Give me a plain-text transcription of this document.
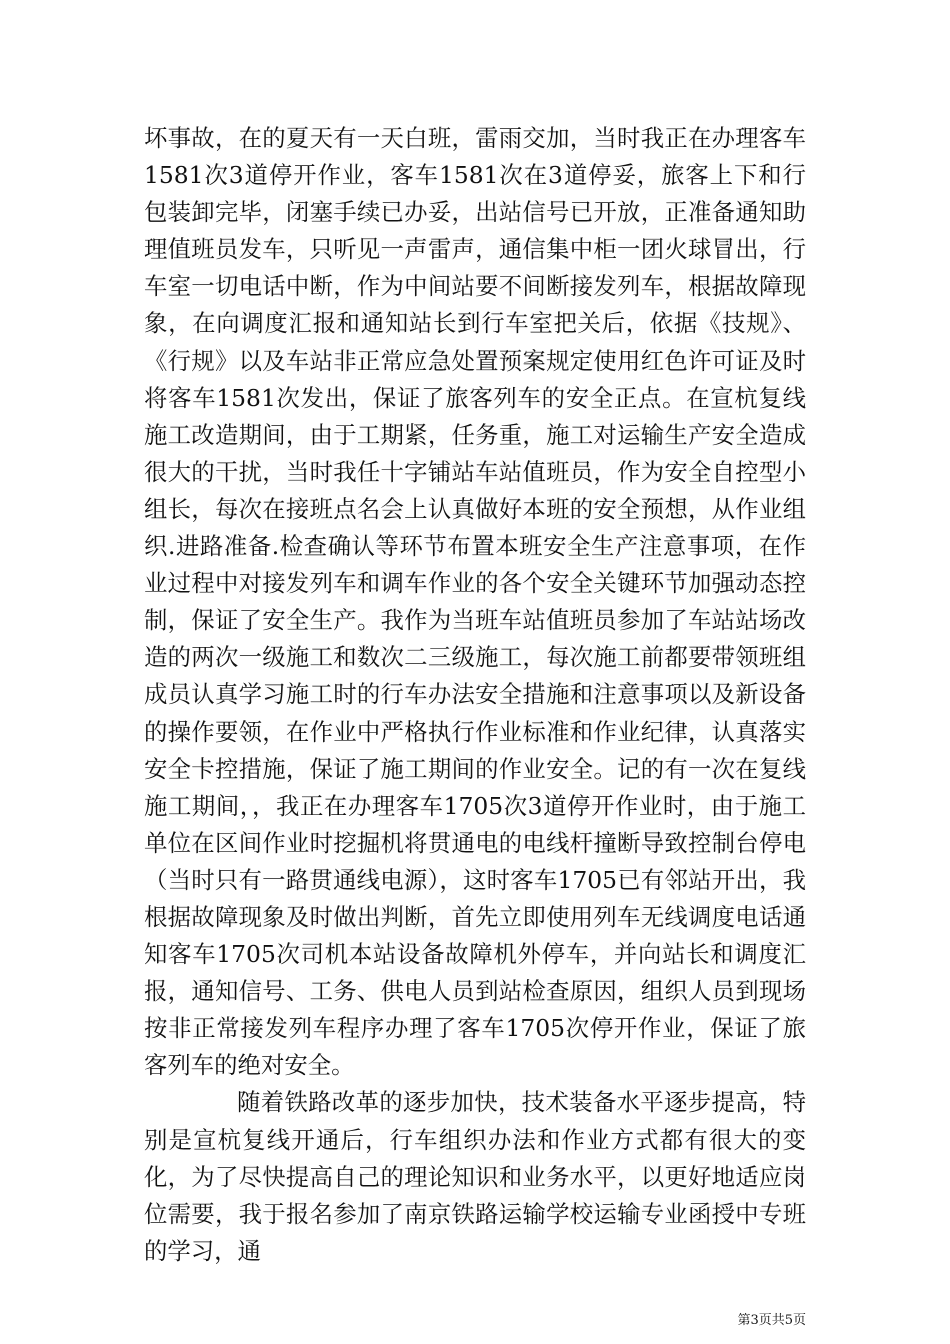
坏事故，在的夏天有一天白班，雷雨交加，当时我正在办理客车1581次3道停开作业，客车1581次在3道停妥，旅客上下和行包装卸完毕，闭塞手续已办妥，出站信号已开放，正准备通知助理值班员发车，只听见一声雷声，通信集中柜一团火球冒出，行车室一切电话中断，作为中间站要不间断接发列车，根据故障现象，在向调度汇报和通知站长到行车室把关后，依据《技规》、《行规》以及车站非正常应急处置预案规定使用红色许可证及时将客车1581次发出，保证了旅客列车的安全正点。在宣杭复线施工改造期间，由于工期紧，任务重，施工对运输生产安全造成很大的干扰，当时我任十字铺站车站值班员，作为安全自控型小组长，每次在接班点名会上认真做好本班的安全预想，从作业组织.进路准备.检查确认等环节布置本班安全生产注意事项，在作业过程中对接发列车和调车作业的各个安全关键环节加强动态控制，保证了安全生产。我作为当班车站值班员参加了车站站场改造的两次一级施工和数次二三级施工，每次施工前都要带领班组成员认真学习施工时的行车办法安全措施和注意事项以及新设备的操作要领，在作业中严格执行作业标准和作业纪律，认真落实安全卡控措施，保证了施工期间的作业安全。记的有一次在复线施工期间，，我正在办理客车1705次3道停开作业时，由于施工单位在区间作业时挖掘机将贯通电的电线杆撞断导致控制台停电（当时只有一路贯通线电源），这时客车1705已有邻站开出，我根据故障现象及时做出判断，首先立即使用列车无线调度电话通知客车1705次司机本站设备故障机外停车，并向站长和调度汇报，通知信号、工务、供电人员到站检查原因，组织人员到现场按非正常接发列车程序办理了客车1705次停开作业，保证了旅客列车的绝对安全。

随着铁路改革的逐步加快，技术装备水平逐步提高，特别是宣杭复线开通后，行车组织办法和作业方式都有很大的变化，为了尽快提高自己的理论知识和业务水平，以更好地适应岗位需要，我于报名参加了南京铁路运输学校运输专业函授中专班的学习，通

第3页共5页
